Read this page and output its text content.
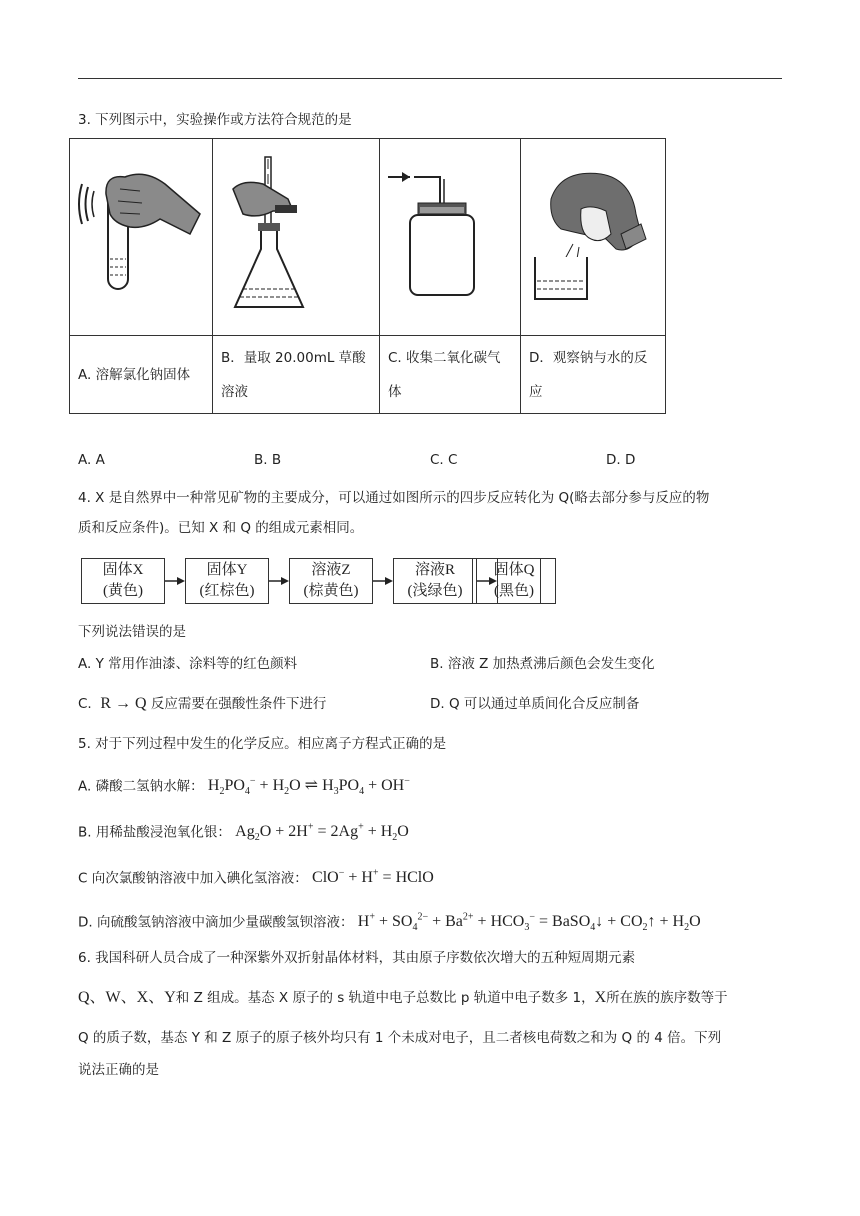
3. 下列图示中，实验操作或方法符合规范的是

A. 溶解氯化钠固体	B．量取 20.00mL 草酸
溶液	C. 收集二氧化碳气
体	D．观察钠与水的反
应
A. A	B. B	C. C	D. D
4. X 是自然界中一种常见矿物的主要成分，可以通过如图所示的四步反应转化为 Q(略去部分参与反应的物
质和反应条件)。已知 X 和 Q 的组成元素相同。
固体X
(黄色)
固体Y
(红棕色)
溶液Z
(棕黄色)
溶液R
(浅绿色)
固体Q
(黑色)
下列说法错误的是
A. Y 常用作油漆、涂料等的红色颜料	B. 溶液 Z 加热煮沸后颜色会发生变化
C. R → Q 反应需要在强酸性条件下进行	D. Q 可以通过单质间化合反应制备
5. 对于下列过程中发生的化学反应。相应离子方程式正确的是
A. 磷酸二氢钠水解： $H_2PO_4^- + H_2O$ ⇌ $H_3PO_4 + OH^-$
B. 用稀盐酸浸泡氧化银： $Ag_2O + 2H^+ = 2Ag^+ + H_2O$
C 向次氯酸钠溶液中加入碘化氢溶液： ClO− + H+ = HClO
D. 向硫酸氢钠溶液中滴加少量碳酸氢钡溶液： $H^+ + SO_4^{2-} + Ba^{2+} + HCO_3^-$ = BaSO$_4$↓ + $CO_2↑ + H_2O$
6. 我国科研人员合成了一种深紫外双折射晶体材料，其由原子序数依次增大的五种短周期元素
Q、W、X、Y和 Z 组成。基态 X 原子的 s 轨道中电子总数比 p 轨道中电子数多 1，X所在族的族序数等于
Q 的质子数，基态 Y 和 Z 原子的原子核外均只有 1 个未成对电子，且二者核电荷数之和为 Q 的 4 倍。下列
说法正确的是
